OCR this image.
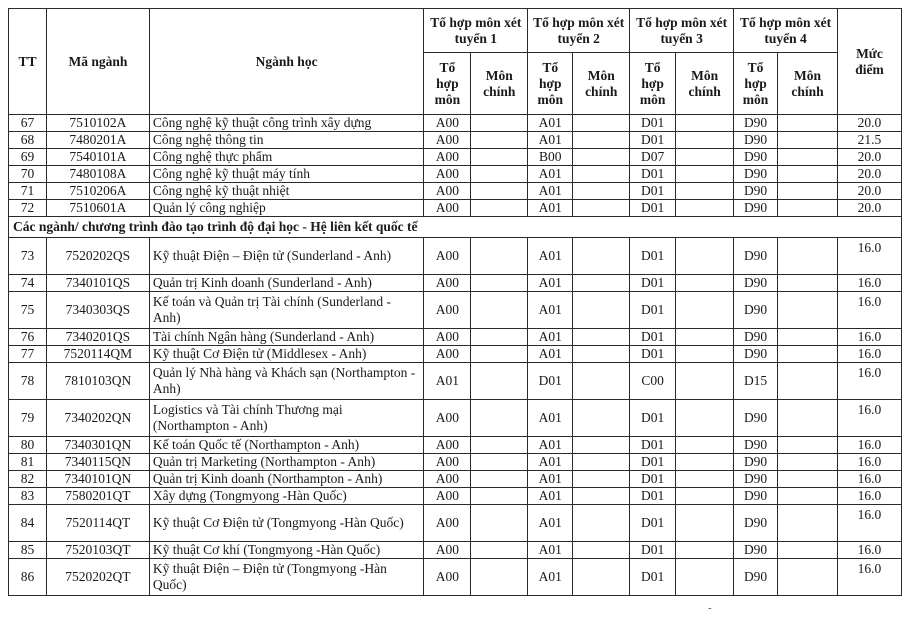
TT	Mã ngành	Ngành học	Tổ hợp môn xét tuyển 1		Tổ hợp môn xét tuyển 2		Tổ hợp môn xét tuyển 3		Tổ hợp môn xét tuyển 4		Mức điểm
			Tổ hợp môn	Môn chính	Tổ hợp môn	Môn chính	Tổ hợp môn	Môn chính	Tổ hợp môn	Môn chính	
67	7510102A	Công nghệ kỹ thuật công trình xây dựng	A00		A01		D01		D90		20.0
68	7480201A	Công nghệ thông tin	A00		A01		D01		D90		21.5
69	7540101A	Công nghệ thực phẩm	A00		B00		D07		D90		20.0
70	7480108A	Công nghệ kỹ thuật máy tính	A00		A01		D01		D90		20.0
71	7510206A	Công nghệ kỹ thuật nhiệt	A00		A01		D01		D90		20.0
72	7510601A	Quản lý công nghiệp	A00		A01		D01		D90		20.0
Các ngành/ chương trình đào tạo trình độ đại học - Hệ liên kết quốc tế											
73	7520202QS	Kỹ thuật Điện – Điện tử (Sunderland - Anh)	A00		A01		D01		D90		16.0
74	7340101QS	Quản trị Kinh doanh (Sunderland - Anh)	A00		A01		D01		D90		16.0
75	7340303QS	Kế toán và Quản trị Tài chính (Sunderland - Anh)	A00		A01		D01		D90		16.0
76	7340201QS	Tài chính Ngân hàng (Sunderland - Anh)	A00		A01		D01		D90		16.0
77	7520114QM	Kỹ thuật Cơ Điện tử (Middlesex - Anh)	A00		A01		D01		D90		16.0
78	7810103QN	Quản lý Nhà hàng và Khách sạn (Northampton - Anh)	A01		D01		C00		D15		16.0
79	7340202QN	Logistics và Tài chính Thương mại (Northampton - Anh)	A00		A01		D01		D90		16.0
80	7340301QN	Kế toán Quốc tế (Northampton - Anh)	A00		A01		D01		D90		16.0
81	7340115QN	Quản trị Marketing (Northampton - Anh)	A00		A01		D01		D90		16.0
82	7340101QN	Quản trị Kinh doanh (Northampton - Anh)	A00		A01		D01		D90		16.0
83	7580201QT	Xây dựng (Tongmyong -Hàn Quốc)	A00		A01		D01		D90		16.0
84	7520114QT	Kỹ thuật Cơ Điện tử (Tongmyong -Hàn Quốc)	A00		A01		D01		D90		16.0
85	7520103QT	Kỹ thuật Cơ khí (Tongmyong -Hàn Quốc)	A00		A01		D01		D90		16.0
86	7520202QT	Kỹ thuật Điện – Điện tử (Tongmyong -Hàn Quốc)	A00		A01		D01		D90		16.0
-
